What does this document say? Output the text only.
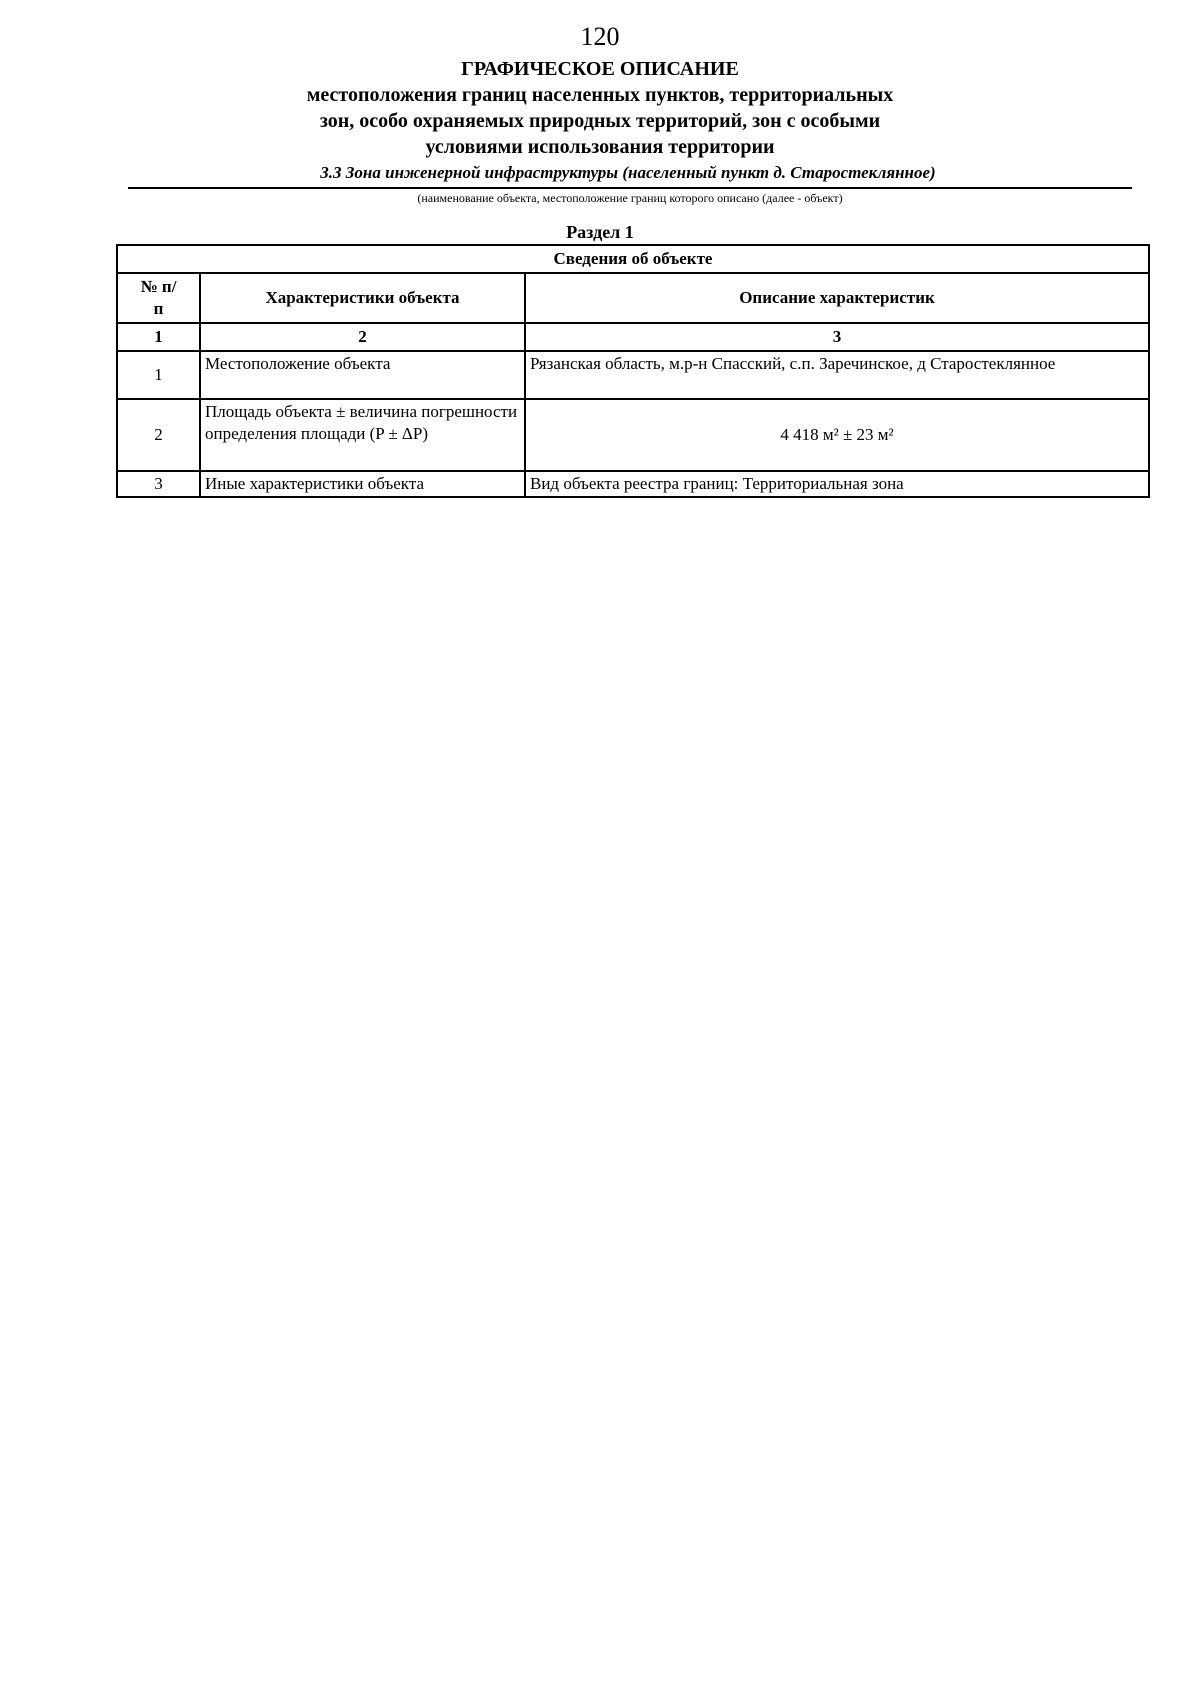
120
ГРАФИЧЕСКОЕ ОПИСАНИЕ
местоположения границ населенных пунктов, территориальных
зон, особо охраняемых природных территорий, зон с особыми
условиями использования территории
3.3 Зона инженерной инфраструктуры (населенный пункт д. Старостеклянное)
(наименование объекта, местоположение границ которого описано (далее - объект)
Раздел 1
Сведения об объекте		
№ п/п	Характеристики объекта	Описание характеристик
1	2	3
1	Местоположение объекта	Рязанская область, м.р-н Спасский, с.п. Заречинское, д Старостеклянное
2	Площадь объекта ± величина погрешности определения площади (P ± ΔP)	4 418 м² ± 23 м²
3	Иные характеристики объекта	Вид объекта реестра границ: Территориальная зона
